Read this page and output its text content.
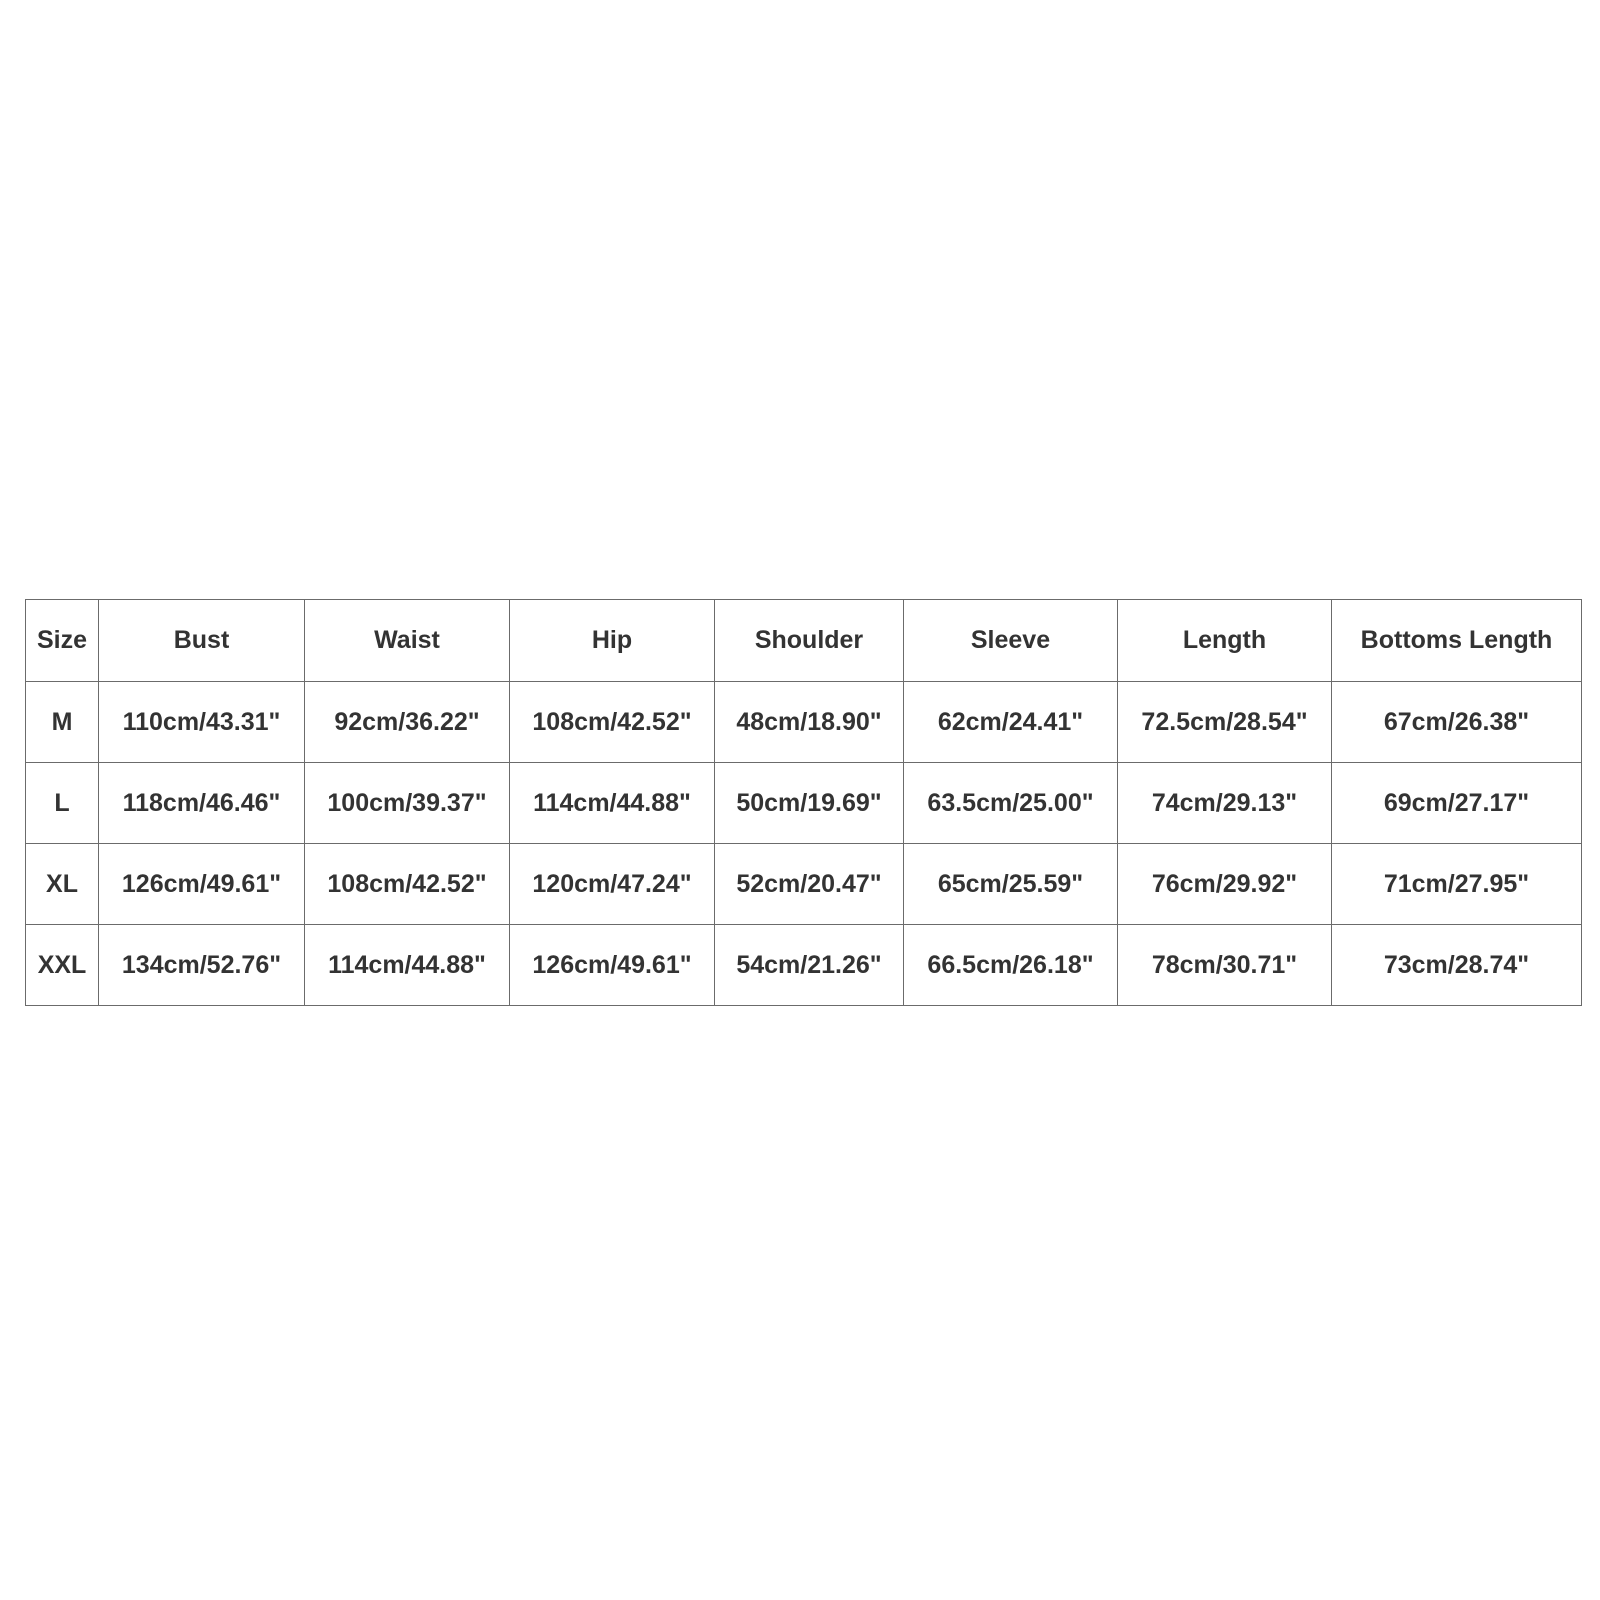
Size	Bust	Waist	Hip	Shoulder	Sleeve	Length	Bottoms Length
M	110cm/43.31"	92cm/36.22"	108cm/42.52"	48cm/18.90"	62cm/24.41"	72.5cm/28.54"	67cm/26.38"
L	118cm/46.46"	100cm/39.37"	114cm/44.88"	50cm/19.69"	63.5cm/25.00"	74cm/29.13"	69cm/27.17"
XL	126cm/49.61"	108cm/42.52"	120cm/47.24"	52cm/20.47"	65cm/25.59"	76cm/29.92"	71cm/27.95"
XXL	134cm/52.76"	114cm/44.88"	126cm/49.61"	54cm/21.26"	66.5cm/26.18"	78cm/30.71"	73cm/28.74"
